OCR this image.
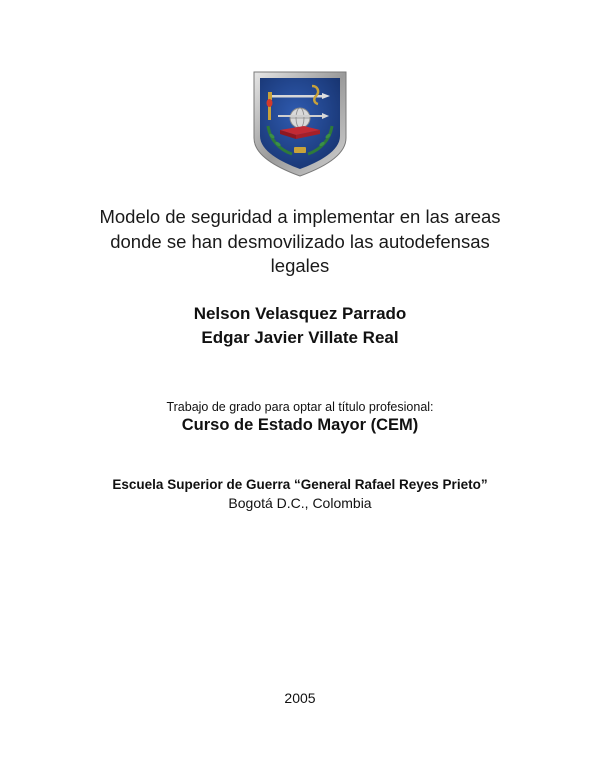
Modelo de seguridad a implementar en las areas
donde se han desmovilizado las autodefensas
legales
Nelson Velasquez Parrado
Edgar Javier Villate Real
Trabajo de grado para optar al título profesional:
Curso de Estado Mayor (CEM)
Escuela Superior de Guerra “General Rafael Reyes Prieto”
Bogotá D.C., Colombia
2005
